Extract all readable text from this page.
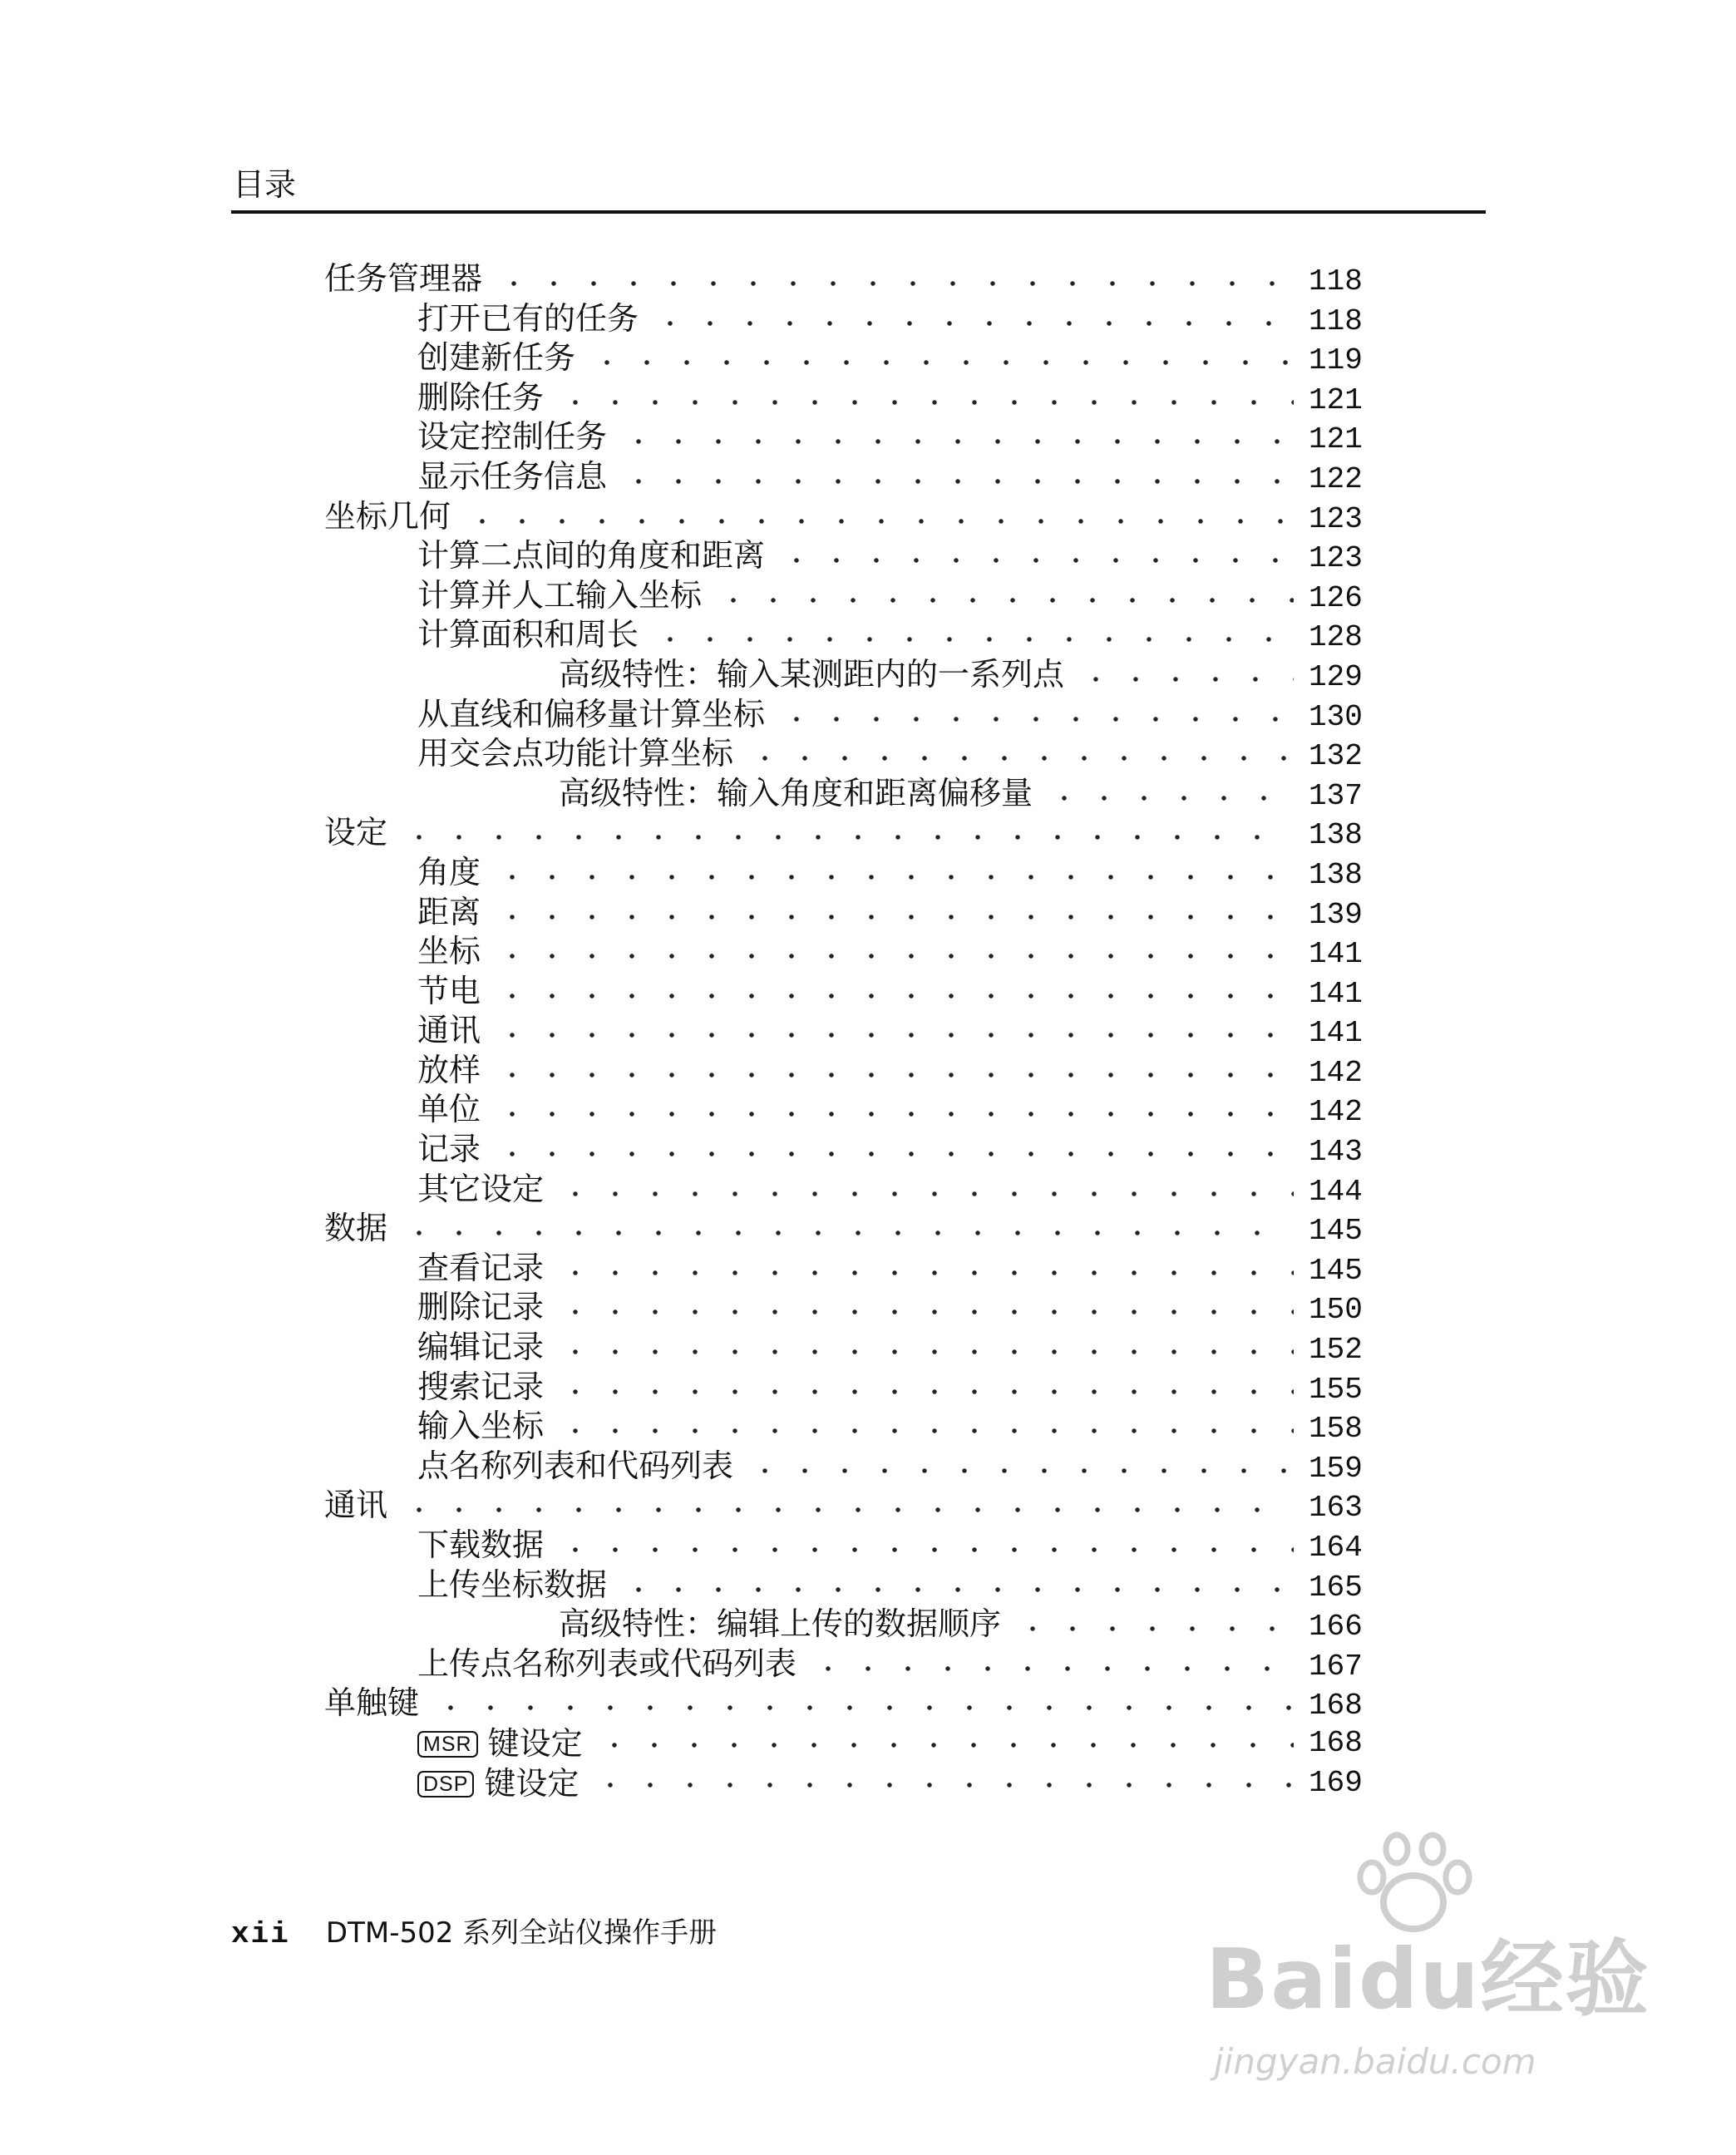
目录
任务管理器	118
打开已有的任务	118
创建新任务	119
删除任务	121
设定控制任务	121
显示任务信息	122
坐标几何	123
计算二点间的角度和距离	123
计算并人工输入坐标	126
计算面积和周长	128
高级特性：输入某测距内的一系列点	129
从直线和偏移量计算坐标	130
用交会点功能计算坐标	132
高级特性：输入角度和距离偏移量	137
设定	138
角度	138
距离	139
坐标	141
节电	141
通讯	141
放样	142
单位	142
记录	143
其它设定	144
数据	145
查看记录	145
删除记录	150
编辑记录	152
搜索记录	155
输入坐标	158
点名称列表和代码列表	159
通讯	163
下载数据	164
上传坐标数据	165
高级特性：编辑上传的数据顺序	166
上传点名称列表或代码列表	167
单触键	168
MSR 键设定	168
DSP 键设定	169
xii DTM-502 系列全站仪操作手册	Baidu经验
jingyan.baidu.com
